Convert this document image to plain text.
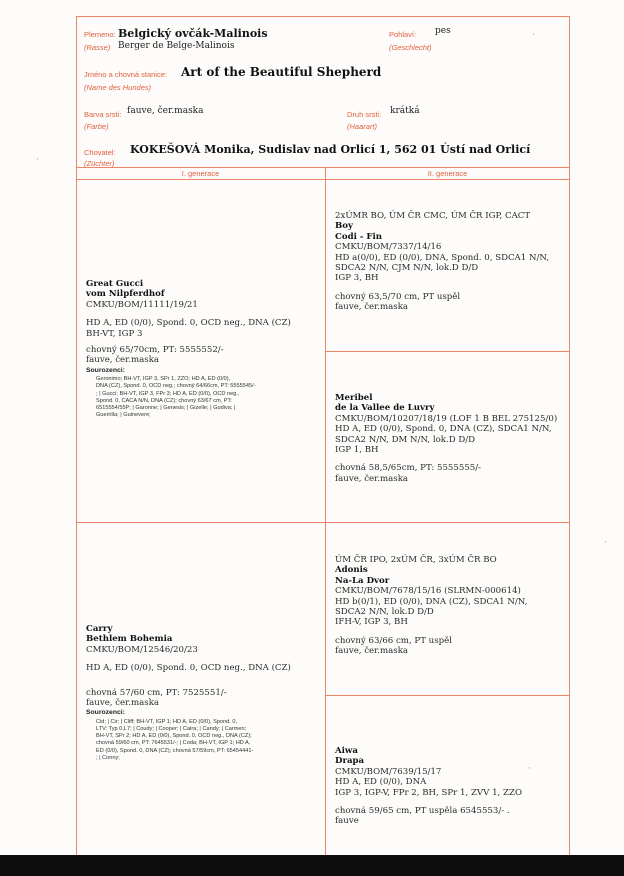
Plemeno: Belgický ovčák-Malinois
(Rasse) Berger de Belge-Malinois
Pohlaví: pes
(Geschlecht)
Jméno a chovná stanice: Art of the Beautiful Shepherd
(Name des Hundes)
Barva srsti: fauve, čer.maska
(Farbe)
Druh srsti: krátká
(Haarart)
Chovatel: KOKEŠOVÁ Monika, Sudislav nad Orlicí 1, 562 01 Ústí nad Orlicí
(Züchter)
I. generace	II. generace
Great Gucci
vom Nilpferdhof
CMKU/BOM/11111/19/21
HD A, ED (0/0), Spond. 0, OCD neg., DNA (CZ)
BH-VT, IGP 3
chovný 65/70cm, PT: 5555552/-
fauve, čer.maska
Sourozenci:
Geronimo; BH-VT, IGP 3, SPr 1, ZZO; HD A, ED (0/0),
DNA (CZ), Spond. 0, OCD neg.; chovný 64/66cm, PT: 5555545/-
; | Gucci; BH-VT, IGP 3, FPr 3; HD A, ED (0/0), OCD neg.,
Spond. 0, CACA N/N, DNA (CZ); chovný 63/67 cm, PT:
6515554/55P; | Garonne; | Genesis; | Gizelle; | Godiva; |
Guerrilla; | Guinevere;
2xÚMR BO, ÚM ČR CMC, ÚM ČR IGP, CACT
Boy
Codi - Fin
CMKU/BOM/7337/14/16
HD a(0/0), ED (0/0), DNA, Spond. 0, SDCA1 N/N,
SDCA2 N/N, CJM N/N, lok.D D/D
IGP 3, BH
chovný 63,5/70 cm, PT uspěl
fauve, čer.maska
Meribel
de la Vallee de Luvry
CMKU/BOM/10207/18/19 (LOF 1 B BEL 275125/0)
HD A, ED (0/0), Spond. 0, DNA (CZ), SDCA1 N/N,
SDCA2 N/N, DM N/N, lok.D D/D
IGP 1, BH
chovná 58,5/65cm, PT: 5555555/-
fauve, čer.maska
Carry
Bethlem Bohemia
CMKU/BOM/12546/20/23
HD A, ED (0/0), Spond. 0, OCD neg., DNA (CZ)
chovná 57/60 cm, PT: 7525551/-
fauve, čer.maska
Sourozenci:
Cid; | Cir; | Cliff; BH-VT, IGP 1; HD A, ED (0/0), Spond. 0,
LTV: Typ 0,L7; | Coudy; | Cooper; | Caira; | Candy; | Carmen;
BH-VT, SPr 2; HD A, ED (0/0), Spond. 0, OCD neg., DNA (CZ);
chovná 59/60 cm, PT: 7645531/-; | Coda; BH-VT, IGP 1; HD A,
ED (0/0), Spond. 0, DNA (CZ); chovná 57/59cm, PT: 65454441-
; | Conny;
ÚM ČR IPO, 2xÚM ČR, 3xÚM ČR BO
Adonis
Na-La Dvor
CMKU/BOM/7678/15/16 (SLRMN-000614)
HD b(0/1), ED (0/0), DNA (CZ), SDCA1 N/N,
SDCA2 N/N, lok.D D/D
IFH-V, IGP 3, BH
chovný 63/66 cm, PT uspěl
fauve, čer.maska
Aiwa
Drapa
CMKU/BOM/7639/15/17
HD A, ED (0/0), DNA
IGP 3, IGP-V, FPr 2, BH, SPr 1, ZVV 1, ZZO
chovná 59/65 cm, PT uspěla 6545553/- .
fauve
·
·
·
·
